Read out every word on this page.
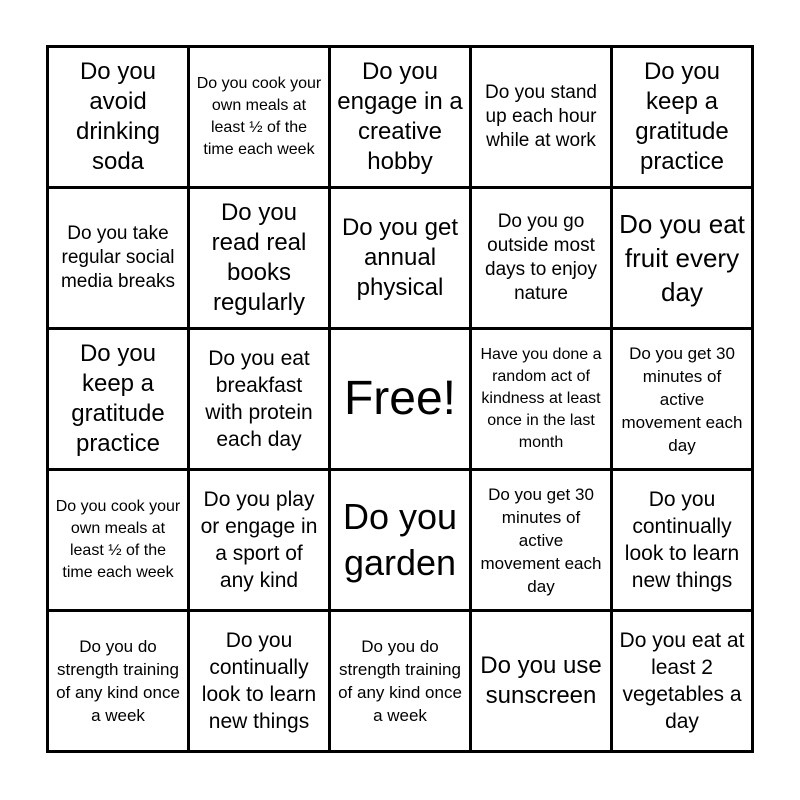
Do you avoid drinking soda
Do you cook your own meals at least ½ of the time each week
Do you engage in a creative hobby
Do you stand up each hour while at work
Do you keep a gratitude practice
Do you take regular social media breaks
Do you read real books regularly
Do you get annual physical
Do you go outside most days to enjoy nature
Do you eat fruit every day
Do you keep a gratitude practice
Do you eat breakfast with protein each day
Free!
Have you done a random act of kindness at least once in the last month
Do you get 30 minutes of active movement each day
Do you cook your own meals at least ½ of the time each week
Do you play or engage in a sport of any kind
Do you garden
Do you get 30 minutes of active movement each day
Do you continually look to learn new things
Do you do strength training of any kind once a week
Do you continually look to learn new things
Do you do strength training of any kind once a week
Do you use sunscreen
Do you eat at least 2 vegetables a day
